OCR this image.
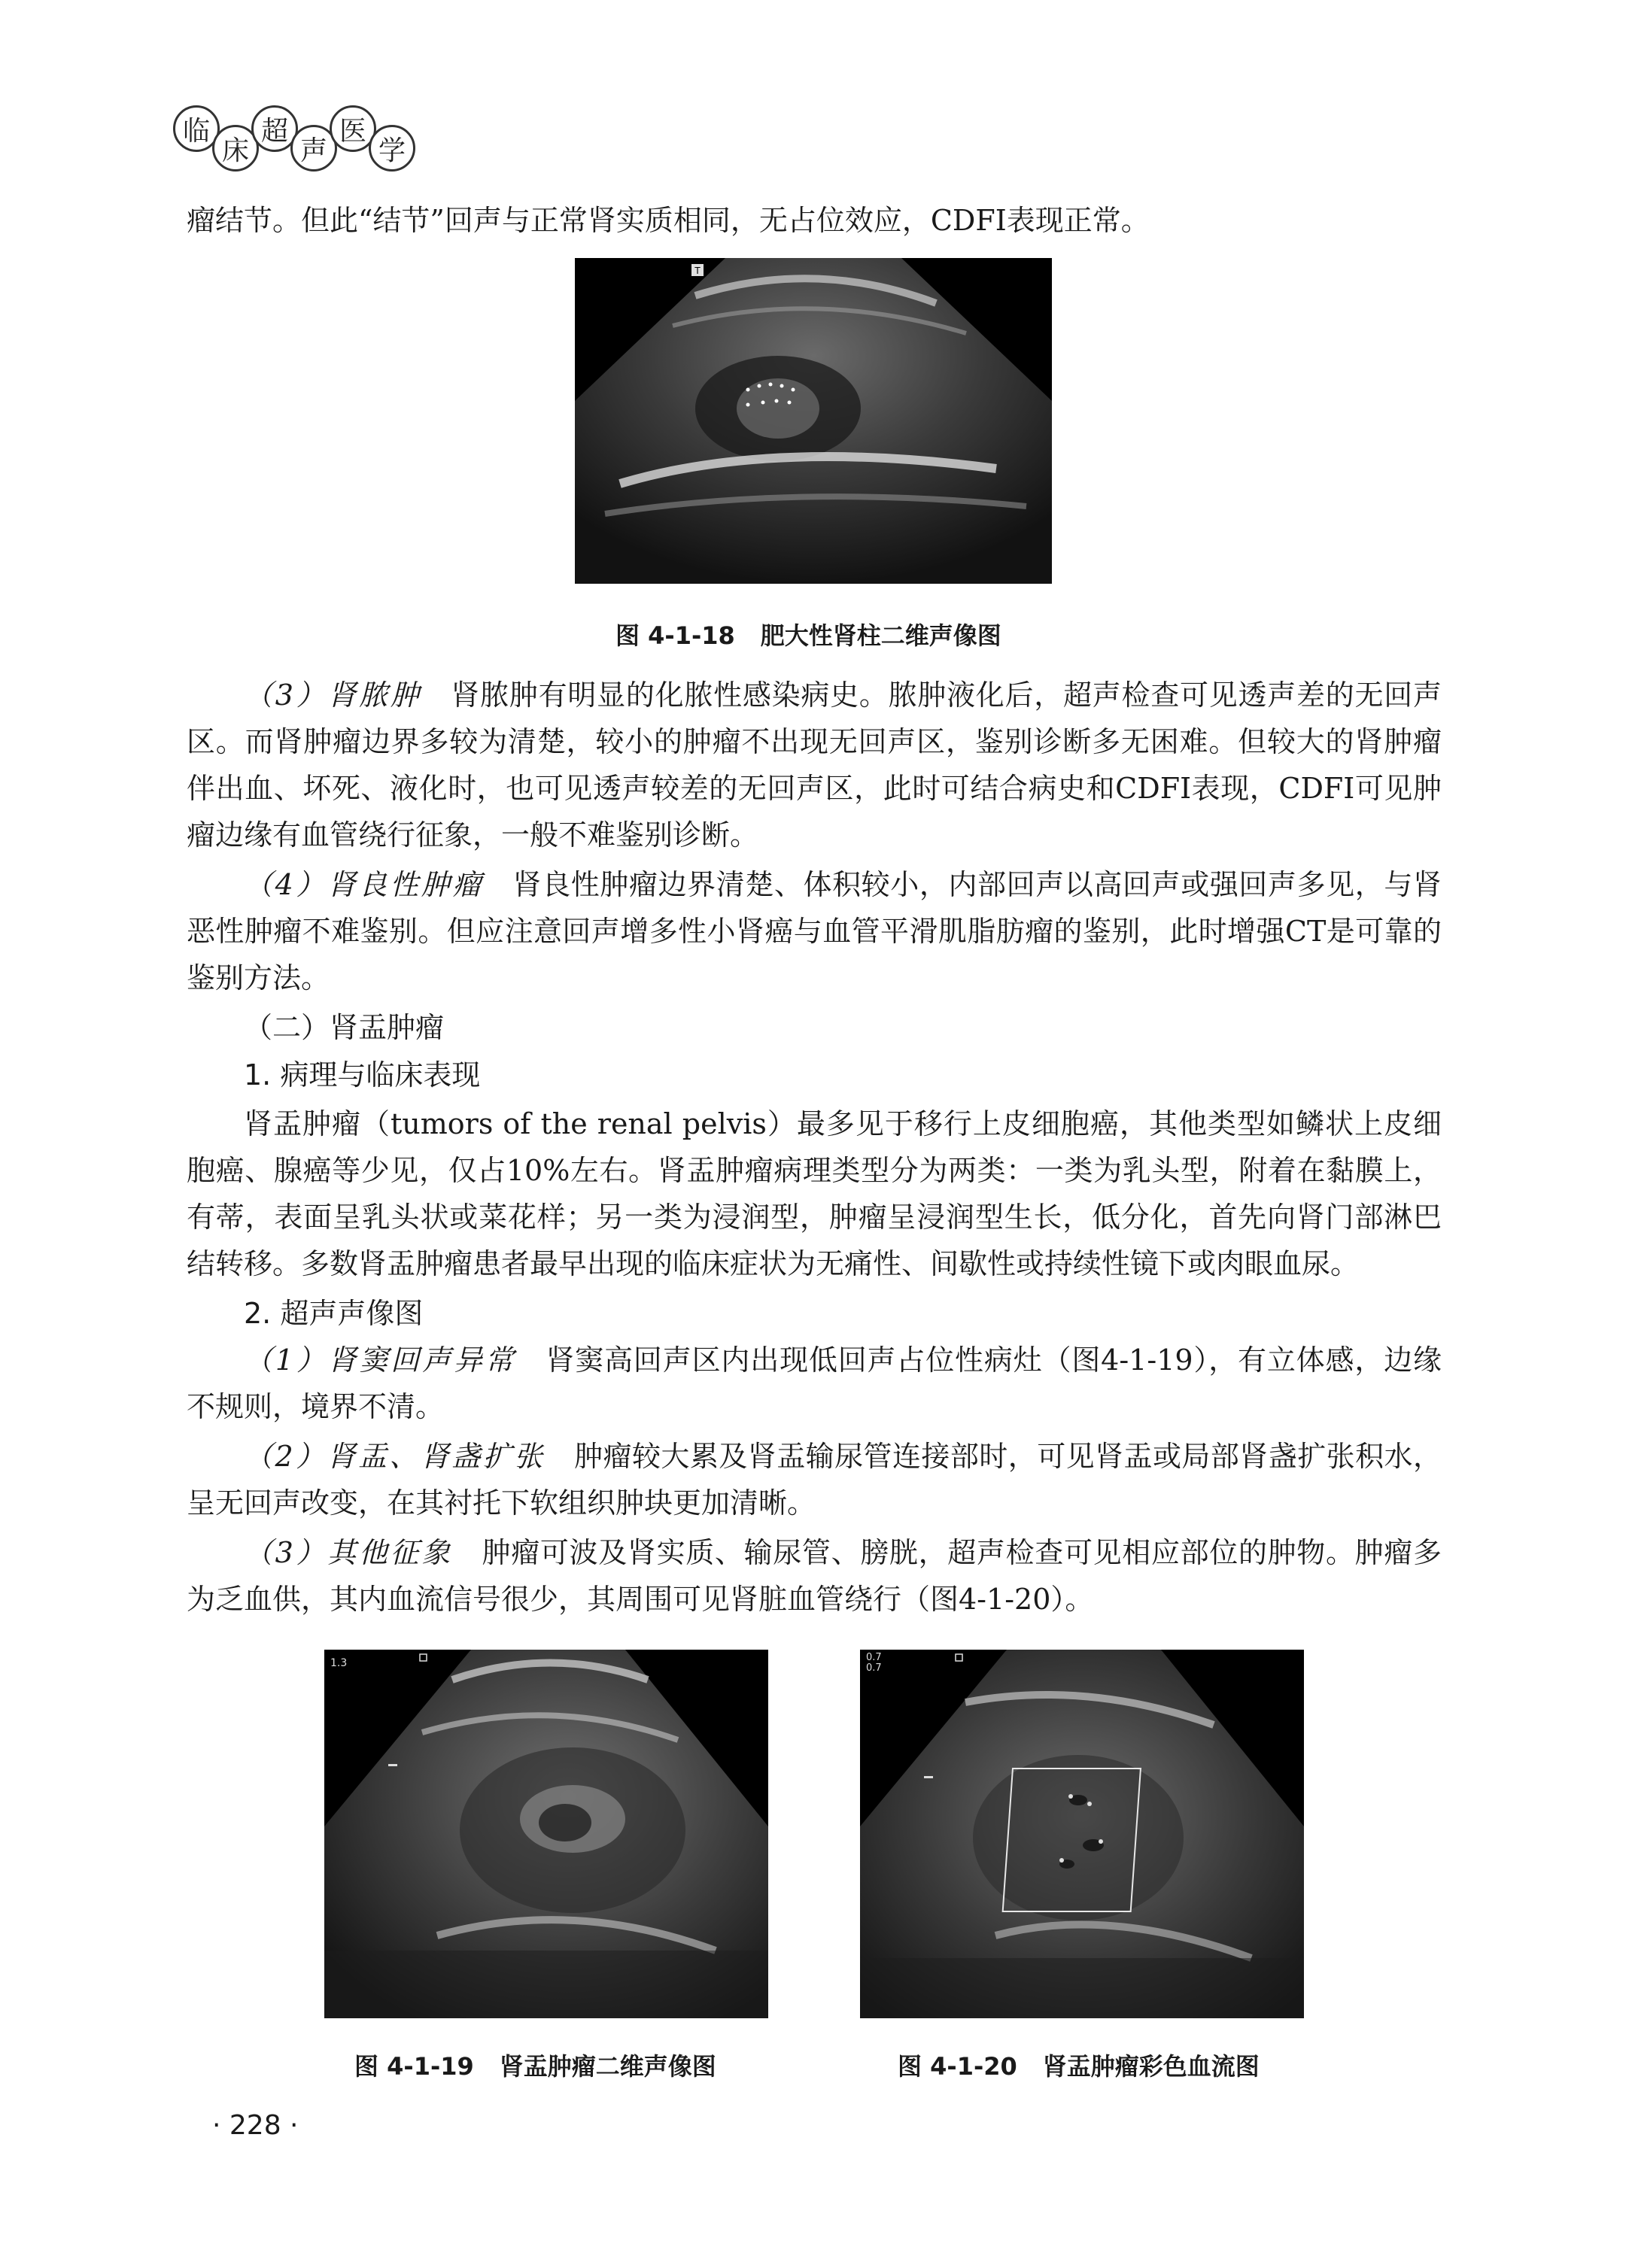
临
床
超
声
医
学

瘤结节。但此“结节”回声与正常肾实质相同，无占位效应，CDFI表现正常。

T
图 4-1-18 肥大性肾柱二维声像图

（3）肾脓肿　 肾脓肿有明显的化脓性感染病史。脓肿液化后，超声检查可见透声差的无回声区。而肾肿瘤边界多较为清楚，较小的肿瘤不出现无回声区，鉴别诊断多无困难。但较大的肾肿瘤伴出血、坏死、液化时，也可见透声较差的无回声区，此时可结合病史和CDFI表现，CDFI可见肿瘤边缘有血管绕行征象，一般不难鉴别诊断。

（4）肾良性肿瘤　 肾良性肿瘤边界清楚、体积较小，内部回声以高回声或强回声多见，与肾恶性肿瘤不难鉴别。但应注意回声增多性小肾癌与血管平滑肌脂肪瘤的鉴别，此时增强CT是可靠的鉴别方法。

（二）肾盂肿瘤

1. 病理与临床表现

肾盂肿瘤（tumors of the renal pelvis）最多见于移行上皮细胞癌，其他类型如鳞状上皮细胞癌、腺癌等少见，仅占10%左右。肾盂肿瘤病理类型分为两类：一类为乳头型，附着在黏膜上，有蒂，表面呈乳头状或菜花样；另一类为浸润型，肿瘤呈浸润型生长，低分化，首先向肾门部淋巴结转移。多数肾盂肿瘤患者最早出现的临床症状为无痛性、间歇性或持续性镜下或肉眼血尿。

2. 超声声像图

（1）肾窦回声异常　 肾窦高回声区内出现低回声占位性病灶（图4-1-19），有立体感，边缘不规则，境界不清。

（2）肾盂、肾盏扩张　 肿瘤较大累及肾盂输尿管连接部时，可见肾盂或局部肾盏扩张积水，呈无回声改变，在其衬托下软组织肿块更加清晰。

（3）其他征象　 肿瘤可波及肾实质、输尿管、膀胱，超声检查可见相应部位的肿物。肿瘤多为乏血供，其内血流信号很少，其周围可见肾脏血管绕行（图4-1-20）。

1.3
图 4-1-19 肾盂肿瘤二维声像图
0.7
0.7
图 4-1-20 肾盂肿瘤彩色血流图
· 228 ·
